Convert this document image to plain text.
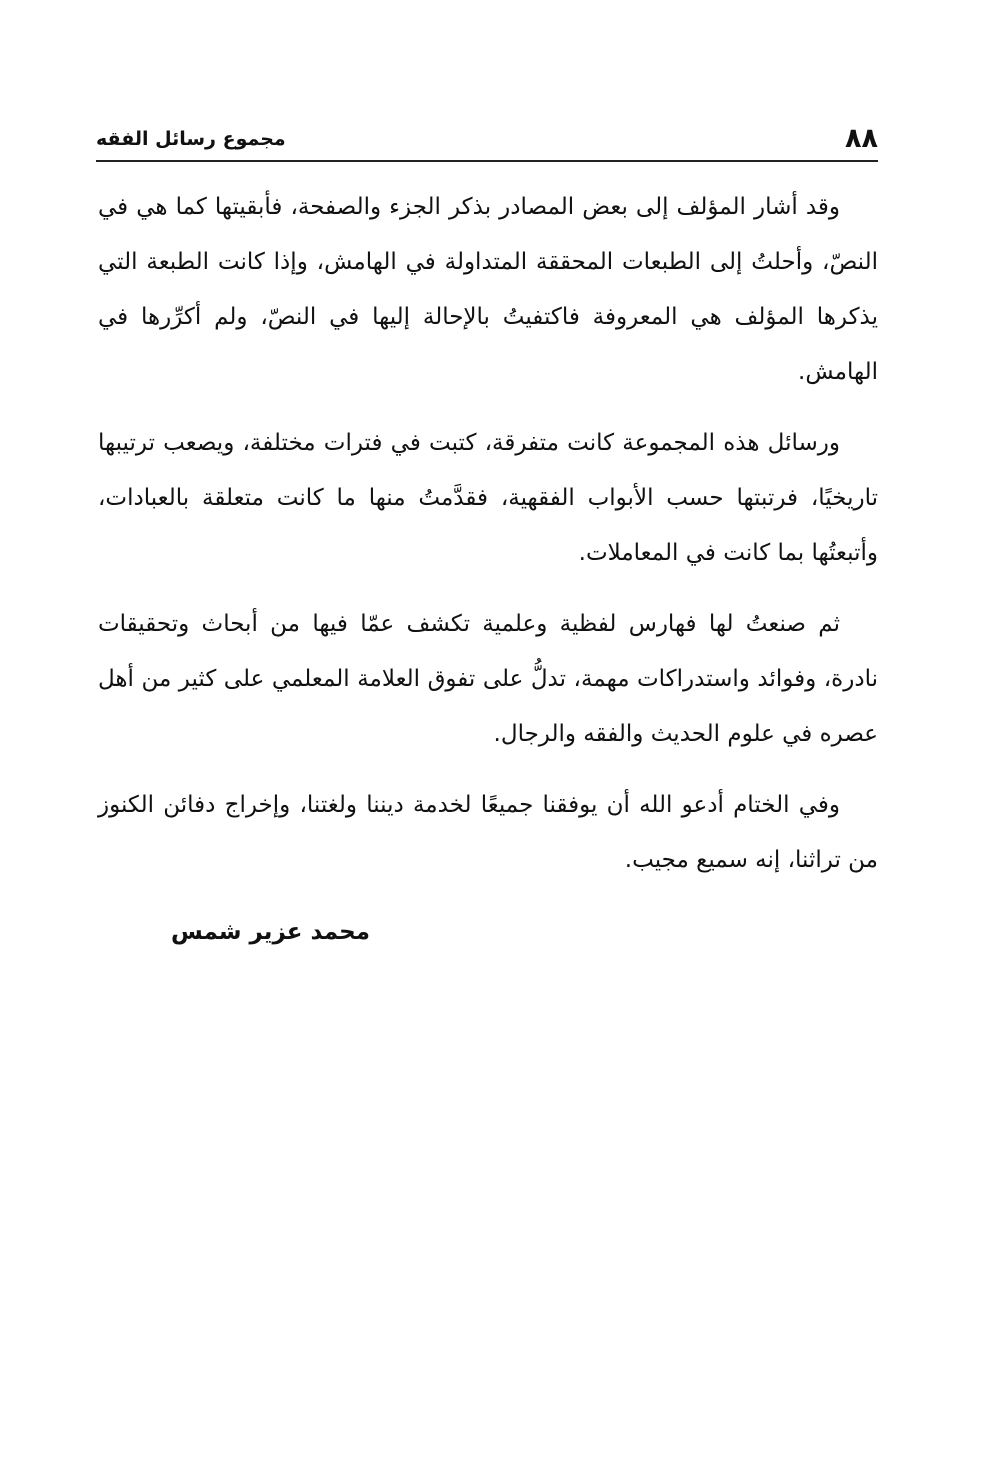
٨٨
مجموع رسائل الفقه

وقد أشار المؤلف إلى بعض المصادر بذكر الجزء والصفحة، فأبقيتها كما هي في النصّ، وأحلتُ إلى الطبعات المحققة المتداولة في الهامش، وإذا كانت الطبعة التي يذكرها المؤلف هي المعروفة فاكتفيتُ بالإحالة إليها في النصّ، ولم أكرِّرها في الهامش.

ورسائل هذه المجموعة كانت متفرقة، كتبت في فترات مختلفة، ويصعب ترتيبها تاريخيًا، فرتبتها حسب الأبواب الفقهية، فقدَّمتُ منها ما كانت متعلقة بالعبادات، وأتبعتُها بما كانت في المعاملات.

ثم صنعتُ لها فهارس لفظية وعلمية تكشف عمّا فيها من أبحاث وتحقيقات نادرة، وفوائد واستدراكات مهمة، تدلُّ على تفوق العلامة المعلمي على كثير من أهل عصره في علوم الحديث والفقه والرجال.

وفي الختام أدعو الله أن يوفقنا جميعًا لخدمة ديننا ولغتنا، وإخراج دفائن الكنوز من تراثنا، إنه سميع مجيب.

محمد عزير شمس
